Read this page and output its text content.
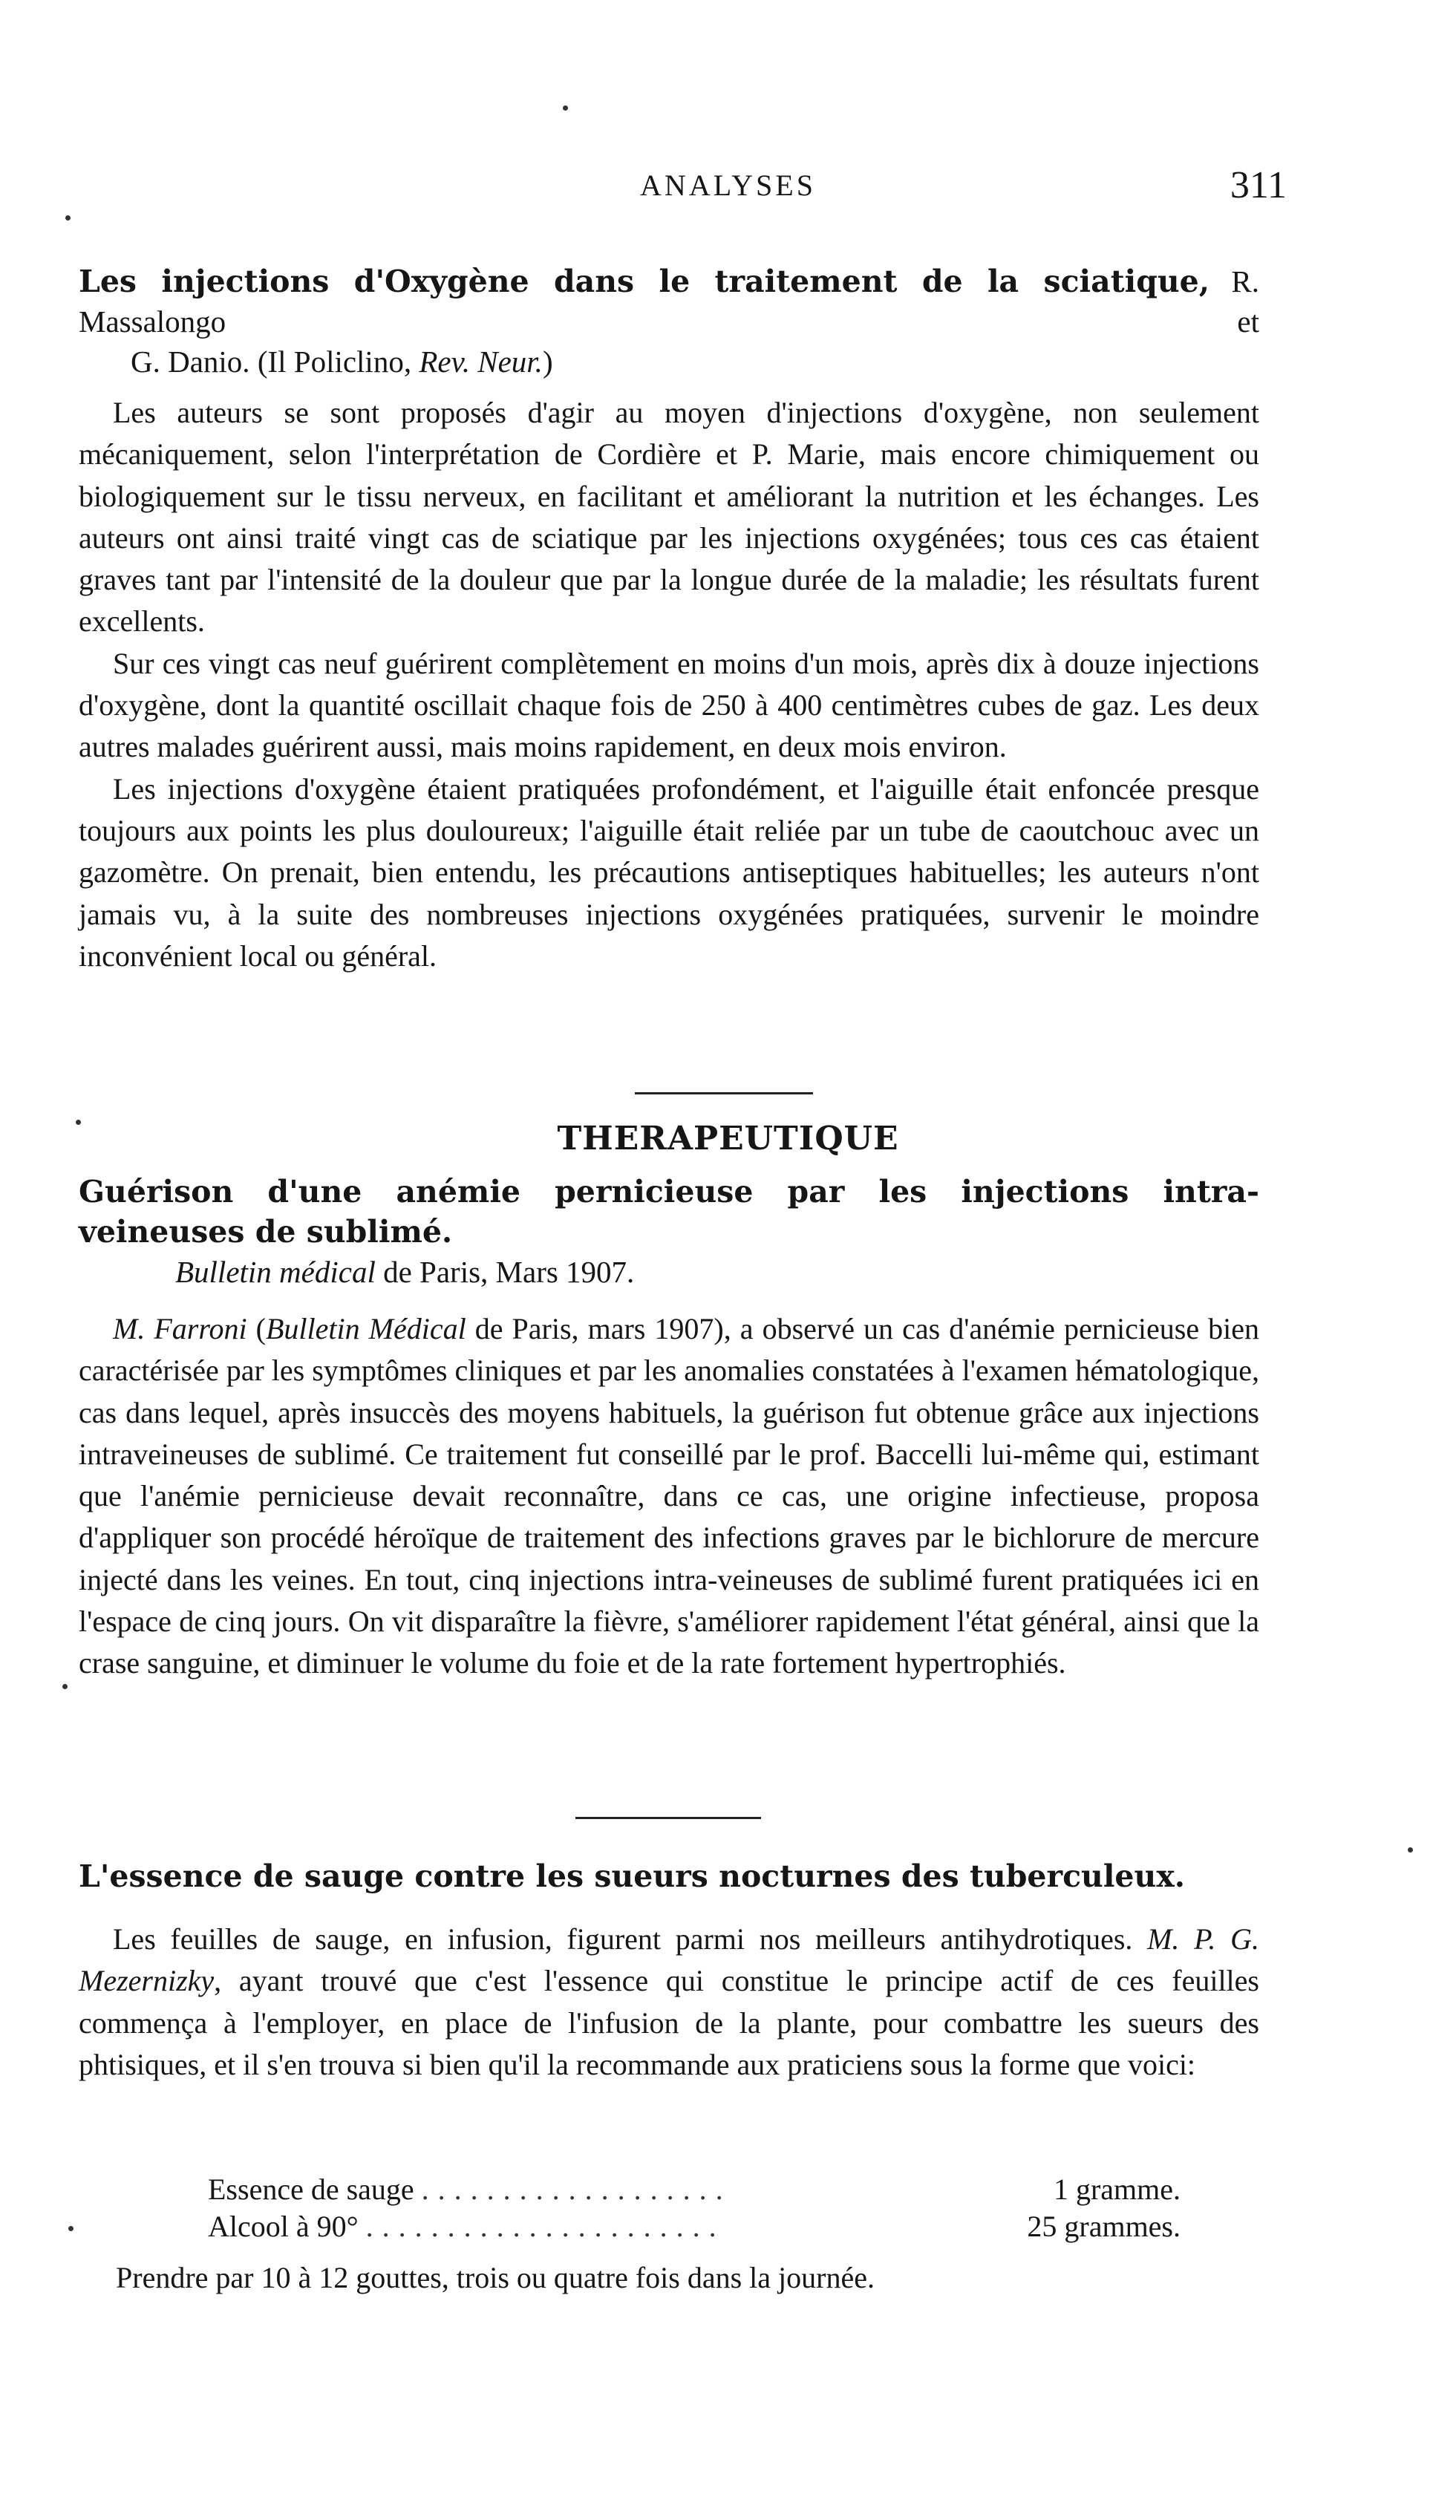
ANALYSES	311

Les injections d'Oxygène dans le traitement de la sciatique, R. Massalongo et

G. Danio. (Il Policlino, Rev. Neur.)

Les auteurs se sont proposés d'agir au moyen d'injections d'oxygène, non seulement mécaniquement, selon l'interprétation de Cordière et P. Marie, mais encore chimiquement ou biologiquement sur le tissu nerveux, en facilitant et améliorant la nutrition et les échanges. Les auteurs ont ainsi traité vingt cas de sciatique par les injections oxygénées; tous ces cas étaient graves tant par l'intensité de la douleur que par la longue durée de la maladie; les résultats furent excellents.

Sur ces vingt cas neuf guérirent complètement en moins d'un mois, après dix à douze injections d'oxygène, dont la quantité oscillait chaque fois de 250 à 400 centimètres cubes de gaz. Les deux autres malades guérirent aussi, mais moins rapidement, en deux mois environ.

Les injections d'oxygène étaient pratiquées profondément, et l'aiguille était enfoncée presque toujours aux points les plus douloureux; l'aiguille était reliée par un tube de caoutchouc avec un gazomètre. On prenait, bien entendu, les précautions antiseptiques habituelles; les auteurs n'ont jamais vu, à la suite des nombreuses injections oxygénées pratiquées, survenir le moindre inconvénient local ou général.

THERAPEUTIQUE

Guérison d'une anémie pernicieuse par les injections intra-veineuses de sublimé.

Bulletin médical de Paris, Mars 1907.

M. Farroni (Bulletin Médical de Paris, mars 1907), a observé un cas d'anémie pernicieuse bien caractérisée par les symptômes cliniques et par les anomalies constatées à l'examen hématologique, cas dans lequel, après insuccès des moyens habituels, la guérison fut obtenue grâce aux injections intraveineuses de sublimé. Ce traitement fut conseillé par le prof. Baccelli lui-même qui, estimant que l'anémie pernicieuse devait reconnaître, dans ce cas, une origine infectieuse, proposa d'appliquer son procédé héroïque de traitement des infections graves par le bichlorure de mercure injecté dans les veines. En tout, cinq injections intra-veineuses de sublimé furent pratiquées ici en l'espace de cinq jours. On vit disparaître la fièvre, s'améliorer rapidement l'état général, ainsi que la crase sanguine, et diminuer le volume du foie et de la rate fortement hypertrophiés.

L'essence de sauge contre les sueurs nocturnes des tuberculeux.

Les feuilles de sauge, en infusion, figurent parmi nos meilleurs antihydrotiques. M. P. G. Mezernizky, ayant trouvé que c'est l'essence qui constitue le principe actif de ces feuilles commença à l'employer, en place de l'infusion de la plante, pour combattre les sueurs des phtisiques, et il s'en trouva si bien qu'il la recommande aux praticiens sous la forme que voici:

Essence de sauge ...................	1 gramme.
Alcool à 90° ......................	25 grammes.

Prendre par 10 à 12 gouttes, trois ou quatre fois dans la journée.
